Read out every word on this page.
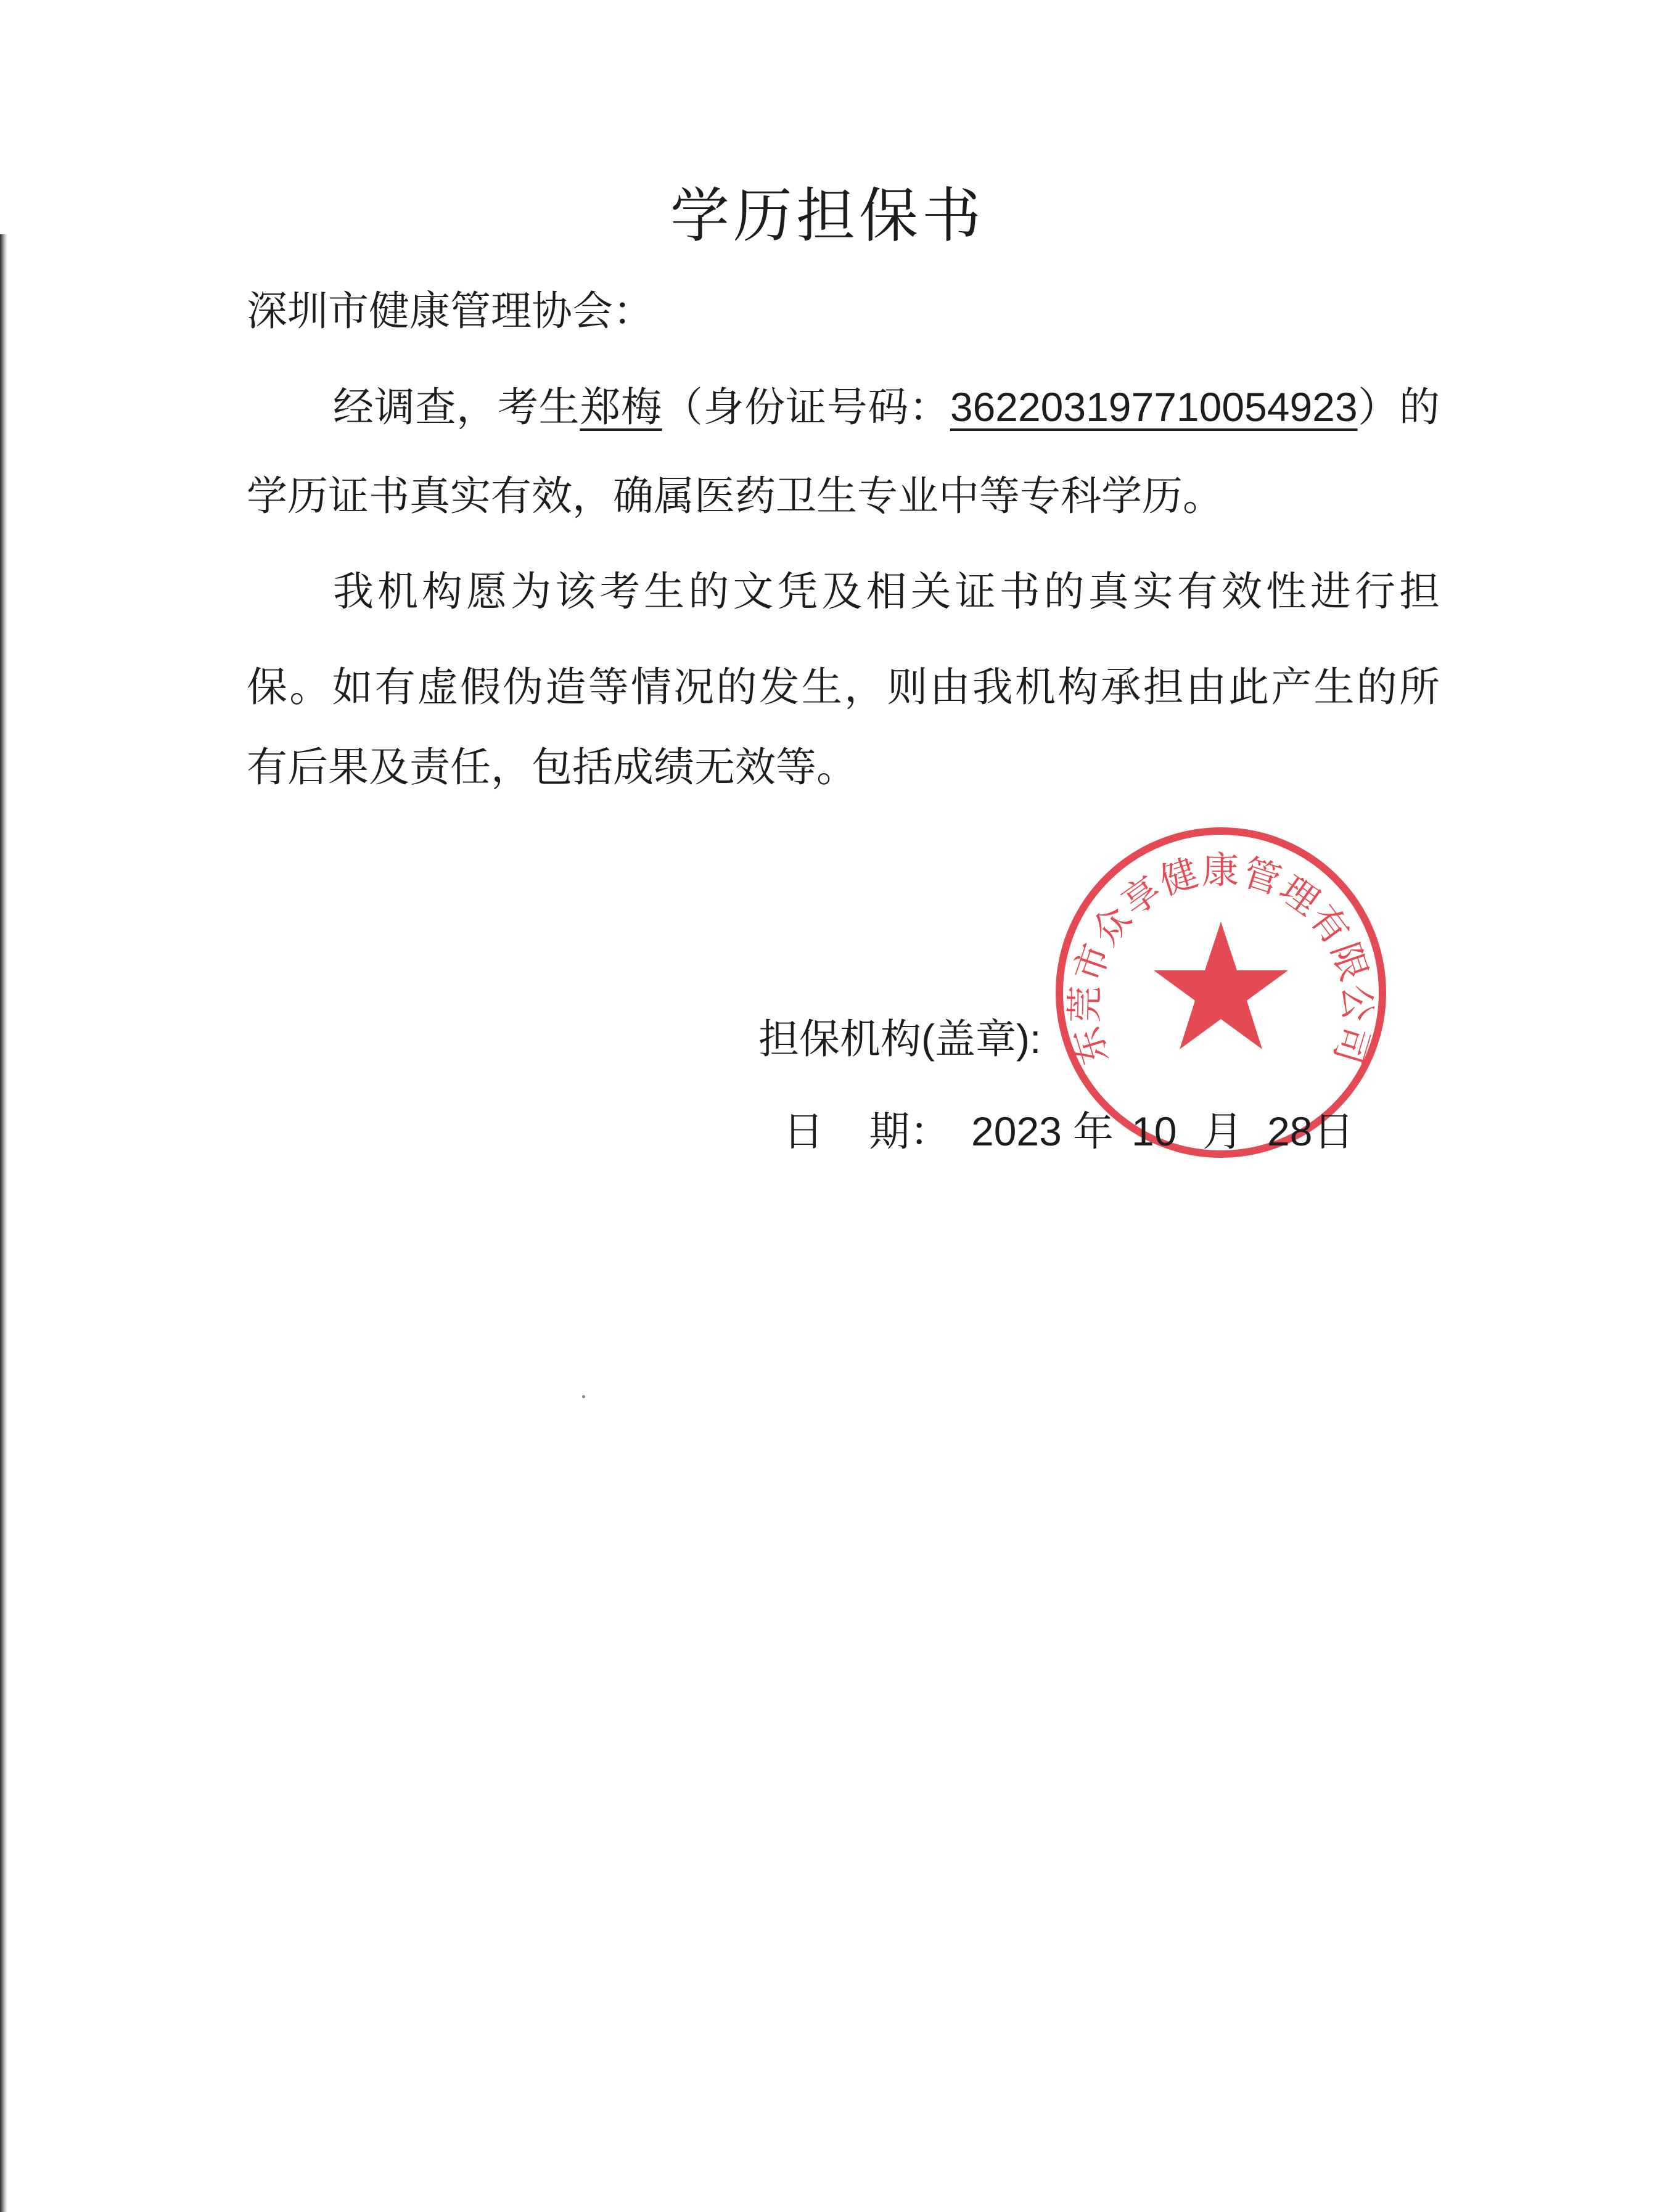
学历担保书
深圳市健康管理协会：
经调查，考生郑梅（身份证号码：362203197710054923）的
学历证书真实有效，确属医药卫生专业中等专科学历。
我机构愿为该考生的文凭及相关证书的真实有效性进行担
保。如有虚假伪造等情况的发生，则由我机构承担由此产生的所
有后果及责任，包括成绩无效等。
东莞市众享健康管理有限公司
担保机构(盖章):
日    期： 2023 年 10 月 28 日
